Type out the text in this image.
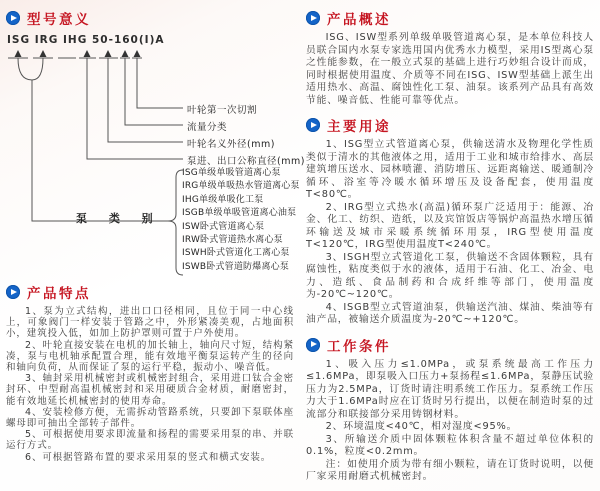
型号意义
ISG IRG IHG 50-160(Ⅰ)A
叶轮第一次切割
流量分类
叶轮名义外径(mm)
泵进、出口公称直径(mm)
泵 类 别
ISG单级单吸管道离心泵
IRG单级单吸热水管道离心泵
IHG单级单吸化工泵
ISGB单级单吸管道离心油泵
ISW卧式管道离心泵
IRW卧式管道热水离心泵
ISWH卧式管道化工离心泵
ISWB卧式管道防爆离心泵
产品特点

1、泵为立式结构，进出口口径相同，且位于同一中心线上，可象阀门一样安装于管路之中，外形紧凑美观，占地面积小，建筑投入低，如加上防护罩则可置于户外使用。

2、叶轮直接安装在电机的加长轴上，轴向尺寸短，结构紧凑，泵与电机轴承配置合理，能有效地平衡泵运转产生的径向和轴向负荷，从而保证了泵的运行平稳，振动小、噪音低。

3、轴封采用机械密封或机械密封组合，采用进口钛合金密封环、中型耐高温机械密封和采用硬质合金材质，耐磨密封，能有效地延长机械密封的使用寿命。

4、安装检修方便，无需拆动管路系统，只要卸下泵联体座螺母即可抽出全部转子部件。

5、可根据使用要求即流量和扬程的需要采用泵的串、并联运行方式。

6、可根据管路布置的要求采用泵的竖式和横式安装。

产品概述

ISG、ISW型系列单级单吸管道离心泵，是本单位科技人员联合国内水泵专家选用国内优秀水力模型，采用IS型离心泵之性能参数，在一般立式泵的基础上进行巧妙组合设计而成，同时根据使用温度、介质等不同在ISG、ISW型基础上派生出适用热水、高温、腐蚀性化工泵、油泵。该系列产品具有高效节能、噪音低、性能可靠等优点。

主要用途

1、ISG型立式管道离心泵，供输送清水及物理化学性质类似于清水的其他液体之用，适用于工业和城市给排水、高层建筑增压送水、园林喷灌、消防增压、远距离输送、暖通制冷循环、浴室等冷暖水循环增压及设备配套，使用温度T<80℃。

2、IRG型立式热水(高温)循环泵广泛适用于：能源、冶金、化工、纺织、造纸，以及宾馆饭店等锅炉高温热水增压循环输送及城市采暖系统循环用泵，IRG型使用温度T<120℃，IRG型使用温度T<240℃。

3、ISGH型立式管道化工泵，供输送不含固体颗粒，具有腐蚀性，粘度类似于水的液体，适用于石油、化工、冶金、电力、造纸、食品制药和合成纤维等部门，使用温度为-20℃~120℃。

4、ISGB型立式管道油泵，供输送汽油、煤油、柴油等有油产品，被输送介质温度为-20℃~+120℃。

工作条件

1、吸入压力≤1.0MPa，或泵系统最高工作压力≤1.6MPa，即泵吸入口压力+泵扬程≤1.6MPa，泵静压试验压力为2.5MPa，订货时请注明系统工作压力。泵系统工作压力大于1.6MPa时应在订货时另行提出，以便在制造时泵的过流部分和联接部分采用铸钢材料。

2、环境温度<40℃，相对湿度<95%。

3、所输送介质中固体颗粒体积含量不超过单位体积的0.1%，粒度<0.2mm。

注：如使用介质为带有细小颗粒，请在订货时说明，以便厂家采用耐磨式机械密封。
